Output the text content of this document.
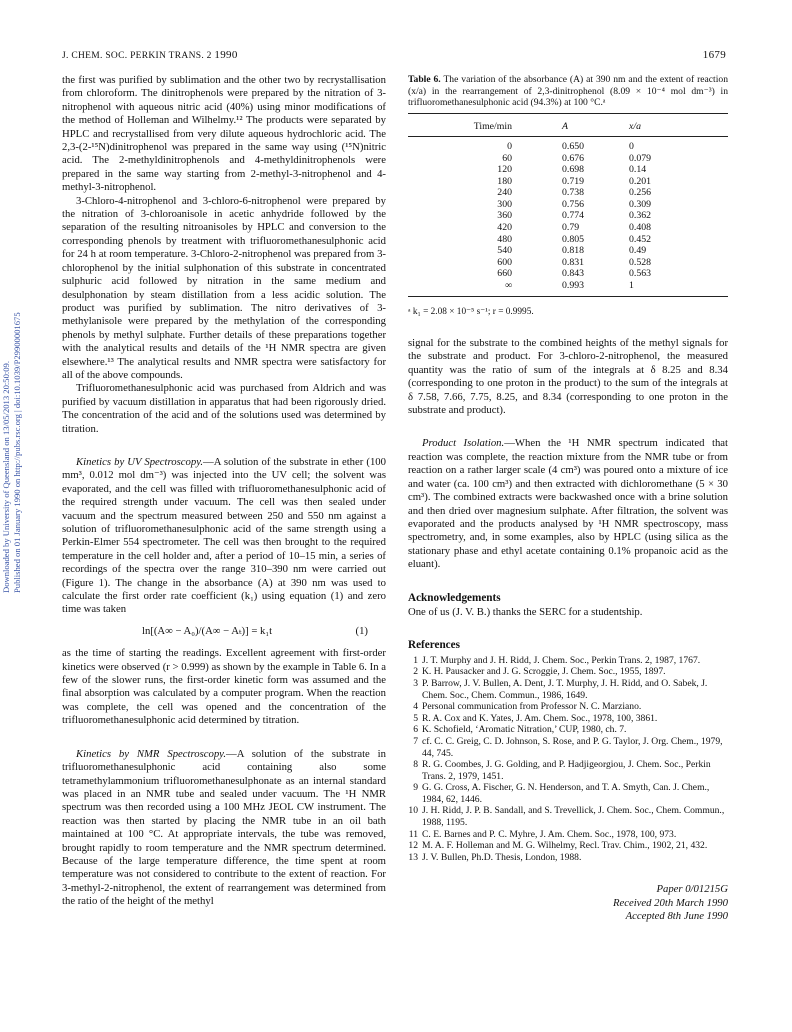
J. CHEM. SOC. PERKIN TRANS. 2 1990	1679
Downloaded by University of Queensland on 13/05/2013 20:50:09. Published on 01 January 1990 on http://pubs.rsc.org | doi:10.1039/P29900001675

the first was purified by sublimation and the other two by recrystallisation from chloroform. The dinitrophenols were prepared by the nitration of 3-nitrophenol with aqueous nitric acid (40%) using minor modifications of the method of Holleman and Wilhelmy.¹² The products were separated by HPLC and recrystallised from very dilute aqueous hydrochloric acid. The 2,3-(2-¹⁵N)dinitrophenol was prepared in the same way using (¹⁵N)nitric acid. The 2-methyldinitrophenols and 4-methyldinitrophenols were prepared in the same way starting from 2-methyl-3-nitrophenol and 4-methyl-3-nitrophenol.

3-Chloro-4-nitrophenol and 3-chloro-6-nitrophenol were prepared by the nitration of 3-chloroanisole in acetic anhydride followed by the separation of the resulting nitroanisoles by HPLC and conversion to the corresponding phenols by treatment with trifluoromethanesulphonic acid for 24 h at room temperature. 3-Chloro-2-nitrophenol was prepared from 3-chlorophenol by the initial sulphonation of this substrate in concentrated sulphuric acid followed by nitration in the same medium and desulphonation by steam distillation from a less acidic solution. The product was purified by sublimation. The nitro derivatives of 3-methylanisole were prepared by the methylation of the corresponding phenols by methyl sulphate. Further details of these preparations together with the analytical results and details of the ¹H NMR spectra are given elsewhere.¹³ The analytical results and NMR spectra were satisfactory for all of the above compounds.

Trifluoromethanesulphonic acid was purchased from Aldrich and was purified by vacuum distillation in apparatus that had been rigorously dried. The concentration of the acid and of the solutions used was determined by titration.

Kinetics by UV Spectroscopy.—A solution of the substrate in ether (100 mm³, 0.012 mol dm⁻³) was injected into the UV cell; the solvent was evaporated, and the cell was filled with trifluoromethanesulphonic acid of the required strength under vacuum. The cell was then sealed under vacuum and the spectrum measured between 250 and 550 nm against a solution of trifluoromethanesulphonic acid of the same strength using a Perkin-Elmer 554 spectrometer. The cell was then brought to the required temperature in the cell holder and, after a period of 10–15 min, a series of recordings of the spectra over the range 310–390 nm were carried out (Figure 1). The change in the absorbance (A) at 390 nm was used to calculate the first order rate coefficient (k₁) using equation (1) and zero time was taken

ln[(A∞ − A₀)/(A∞ − Aₜ)] = k₁t	(1)

as the time of starting the readings. Excellent agreement with first-order kinetics were observed (r > 0.999) as shown by the example in Table 6. In a few of the slower runs, the first-order kinetic form was assumed and the final absorption was calculated by a computer program. When the reaction was complete, the cell was opened and the concentration of the trifluoromethanesulphonic acid determined by titration.

Kinetics by NMR Spectroscopy.—A solution of the substrate in trifluoromethanesulphonic acid containing also some tetramethylammonium trifluoromethanesulphonate as an internal standard was placed in an NMR tube and sealed under vacuum. The ¹H NMR spectrum was then recorded using a 100 MHz JEOL CW instrument. The reaction was then started by placing the NMR tube in an oil bath maintained at 100 °C. At appropriate intervals, the tube was removed, brought rapidly to room temperature and the NMR spectrum determined. Because of the large temperature difference, the time spent at room temperature was not considered to contribute to the extent of reaction. For 3-methyl-2-nitrophenol, the extent of rearrangement was determined from the ratio of the height of the methyl

Table 6. The variation of the absorbance (A) at 390 nm and the extent of reaction (x/a) in the rearrangement of 2,3-dinitrophenol (8.09 × 10⁻⁴ mol dm⁻³) in trifluoromethanesulphonic acid (94.3%) at 100 °C.ᵃ
Time/min	A	x/a
0	0.650	0
60	0.676	0.079
120	0.698	0.14
180	0.719	0.201
240	0.738	0.256
300	0.756	0.309
360	0.774	0.362
420	0.79	0.408
480	0.805	0.452
540	0.818	0.49
600	0.831	0.528
660	0.843	0.563
∞	0.993	1
ᵃ k₁ = 2.08 × 10⁻⁵ s⁻¹; r = 0.9995.

signal for the substrate to the combined heights of the methyl signals for the substrate and product. For 3-chloro-2-nitrophenol, the measured quantity was the ratio of sum of the integrals at δ 8.25 and 8.34 (corresponding to one proton in the product) to the sum of the integrals at δ 7.58, 7.66, 7.75, 8.25, and 8.34 (corresponding to one proton in the substrate and product).

Product Isolation.—When the ¹H NMR spectrum indicated that reaction was complete, the reaction mixture from the NMR tube or from reaction on a rather larger scale (4 cm³) was poured onto a mixture of ice and water (ca. 100 cm³) and then extracted with dichloromethane (5 × 30 cm³). The combined extracts were backwashed once with a brine solution and then dried over magnesium sulphate. After filtration, the solvent was evaporated and the products analysed by ¹H NMR spectroscopy, mass spectrometry, and, in some examples, also by HPLC (using silica as the stationary phase and ethyl acetate containing 0.1% propanoic acid as the eluant).

Acknowledgements

One of us (J. V. B.) thanks the SERC for a studentship.

References
1 J. T. Murphy and J. H. Ridd, J. Chem. Soc., Perkin Trans. 2, 1987, 1767.
2 K. H. Pausacker and J. G. Scroggie, J. Chem. Soc., 1955, 1897.
3 P. Barrow, J. V. Bullen, A. Dent, J. T. Murphy, J. H. Ridd, and O. Sabek, J. Chem. Soc., Chem. Commun., 1986, 1649.
4 Personal communication from Professor N. C. Marziano.
5 R. A. Cox and K. Yates, J. Am. Chem. Soc., 1978, 100, 3861.
6 K. Schofield, ‘Aromatic Nitration,’ CUP, 1980, ch. 7.
7 cf. C. C. Greig, C. D. Johnson, S. Rose, and P. G. Taylor, J. Org. Chem., 1979, 44, 745.
8 R. G. Coombes, J. G. Golding, and P. Hadjigeorgiou, J. Chem. Soc., Perkin Trans. 2, 1979, 1451.
9 G. G. Cross, A. Fischer, G. N. Henderson, and T. A. Smyth, Can. J. Chem., 1984, 62, 1446.
10 J. H. Ridd, J. P. B. Sandall, and S. Trevellick, J. Chem. Soc., Chem. Commun., 1988, 1195.
11 C. E. Barnes and P. C. Myhre, J. Am. Chem. Soc., 1978, 100, 973.
12 M. A. F. Holleman and M. G. Wilhelmy, Recl. Trav. Chim., 1902, 21, 432.
13 J. V. Bullen, Ph.D. Thesis, London, 1988.
Paper 0/01215G
Received 20th March 1990
Accepted 8th June 1990
